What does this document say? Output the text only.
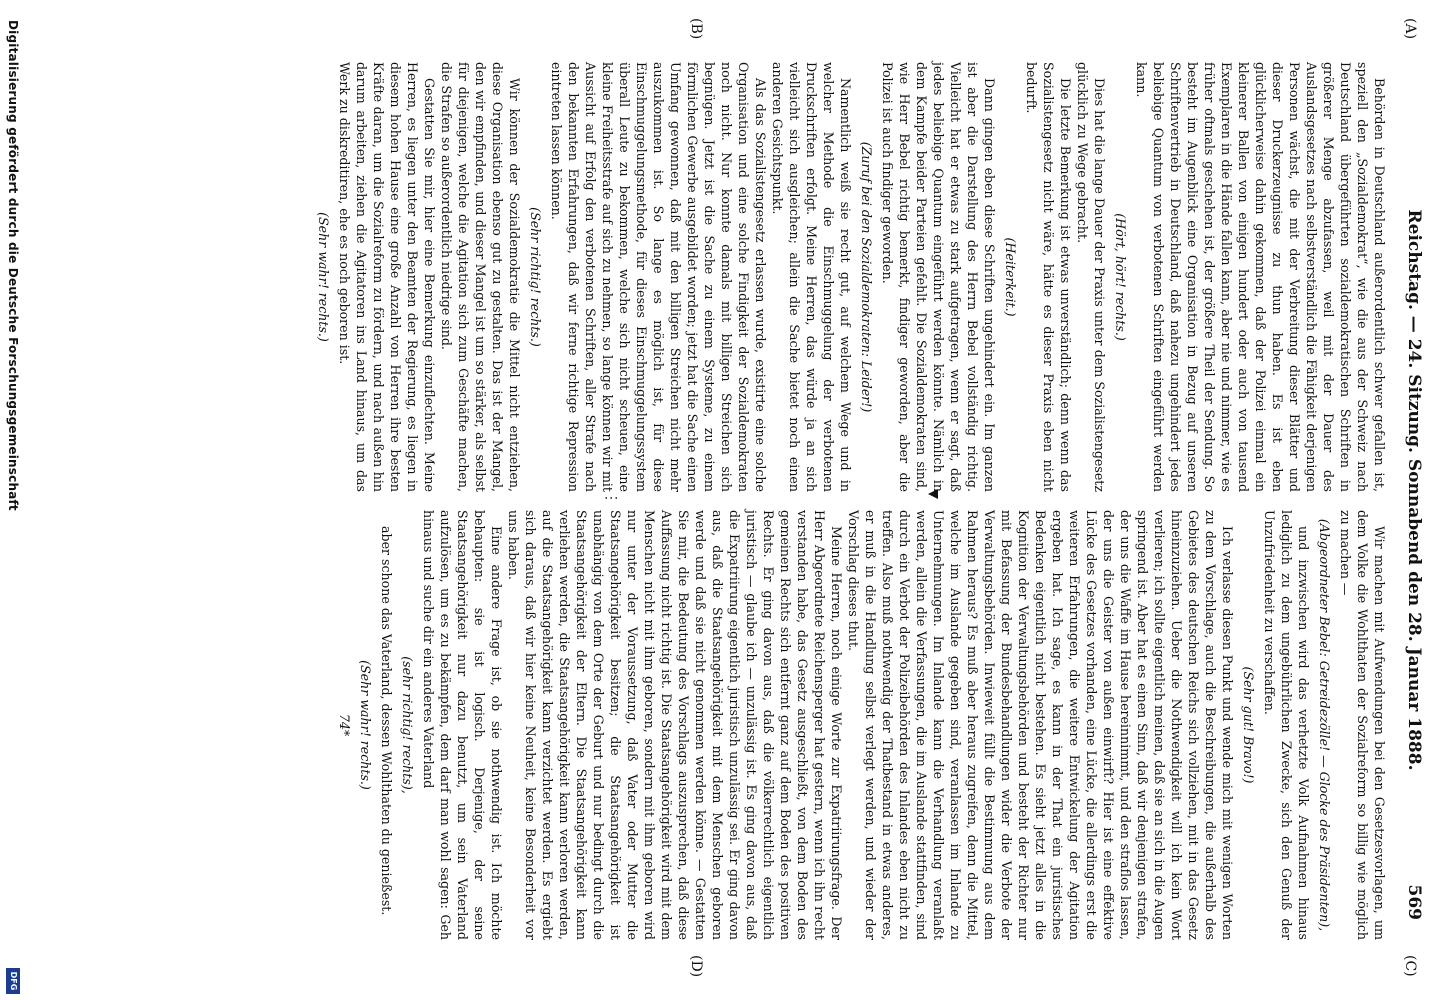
Reichstag. — 24. Sitzung. Sonnabend den 28. Januar 1888.
569
(A)
(B)
(C)
(D)

Behörden in Deutschland außerordentlich schwer gefallen ist, speziell den „Sozialdemokrat“, wie die aus der Schweiz nach Deutschland übergeführten sozialdemokratischen Schriften in größerer Menge abzufassen, weil mit der Dauer des Auslandsgesetzes nach selbstverständlich die Fähigkeit derjenigen Personen wächst, die mit der Verbreitung dieser Blätter und dieser Druckerzeugnisse zu thun haben. Es ist eben glücklicherweise dahin gekommen, daß der Polizei einmal ein kleinerer Ballen von einigen hundert oder auch von tausend Exemplaren in die Hände fallen kann, aber nie und nimmer, wie es früher oftmals geschehen ist, der größere Theil der Sendung. So besteht im Augenblick eine Organisation in Bezug auf unseren Schriftenvertrieb in Deutschland, daß nahezu ungehindert jedes beliebige Quantum von verbotenen Schriften eingeführt werden kann.

(Hört, hört! rechts.)

Dies hat die lange Dauer der Praxis unter dem Sozialistengesetz glücklich zu Wege gebracht.

Die letzte Bemerkung ist etwas unverständlich; denn wenn das Sozialistengesetz nicht wäre, hätte es dieser Praxis eben nicht bedurft.

(Heiterkeit.)

Dann gingen eben diese Schriften ungehindert ein. Im ganzen ist aber die Darstellung des Herrn Bebel vollständig richtig. Vielleicht hat er etwas zu stark aufgetragen, wenn er sagt, daß jedes beliebige Quantum eingeführt werden könnte. Nämlich in dem Kampfe beider Parteien gefehlt. Die Sozialdemokraten sind, wie Herr Bebel richtig bemerkt, findiger geworden, aber die Polizei ist auch findiger geworden.

(Zuruf bei den Sozialdemokraten: Leider!)

Namentlich weiß sie recht gut, auf welchem Wege und in welcher Methode die Einschmuggelung der verbotenen Druckschriften erfolgt. Meine Herren, das würde ja an sich vielleicht sich ausgleichen; allein die Sache bietet noch einen anderen Gesichtspunkt.

Als das Sozialistengesetz erlassen wurde, existirte eine solche Organisation und eine solche Findigkeit der Sozialdemokraten noch nicht. Nur konnte damals mit billigen Streichen sich begnügen. Jetzt ist die Sache zu einem Systeme, zu einem förmlichen Gewerbe ausgebildet worden; jetzt hat die Sache einen Umfang gewonnen, daß mit den billigen Streichen nicht mehr auszukommen ist. So lange es möglich ist, für diese Einschmuggelungsmethode, für dieses Einschmuggelungssystem überall Leute zu bekommen, welche sich nicht scheuen, eine kleine Freiheitsstrafe auf sich zu nehmen, so lange können wir mit Aussicht auf Erfolg den verbotenen Schriften, aller Strafe nach den bekannten Erfahrungen, daß wir ferne richtige Repression eintreten lassen können.

(Sehr richtig! rechts.)

Wir können der Sozialdemokratie die Mittel nicht entziehen, diese Organisation ebenso gut zu gestalten. Das ist der Mangel, den wir empfinden, und dieser Mangel ist um so stärker, als selbst für diejenigen, welche die Agitation sich zum Geschäfte machen, die Strafen so außerordentlich niedrige sind.

Gestatten Sie mir, hier eine Bemerkung einzuflechten. Meine Herren, es liegen unter den Beamten der Regierung, es liegen in diesem hohen Hause eine große Anzahl von Herren ihre besten Kräfte daran, um die Sozialreform zu fördern, und nach außen hin darum arbeiten, ziehen die Agitatoren ins Land hinaus, um das Werk zu diskreditiren, ehe es noch geboren ist.

(Sehr wahr! rechts.)

⋮

Wir machen mit Aufwendungen bei den Gesetzesvorlagen, um dem Volke die Wohlthaten der Sozialreform so billig wie möglich zu machen —

(Abgeordneter Bebel: Getreidezölle! — Glocke des Präsidenten),

und inzwischen wird das verhetzte Volk Aufnahmen hinaus lediglich zu dem ungebührlichen Zwecke, sich den Genuß der Unzufriedenheit zu verschaffen.

(Sehr gut! Bravo!)

Ich verlasse diesen Punkt und wende mich mit wenigen Worten zu dem Vorschlage, auch die Beschreibungen, die außerhalb des Gebietes des deutschen Reichs sich vollziehen, mit in das Gesetz hineinzuziehen. Ueber die Nothwendigkeit will ich kein Wort verlieren; ich sollte eigentlich meinen, daß sie an sich in die Augen springend ist. Aber hat es einen Sinn, daß wir denjenigen strafen, der uns die Waffe im Hause hereinnimmt, und den straflos lassen, der uns die Geister von außen einwirft? Hier ist eine effektive Lücke des Gesetzes vorhanden, eine Lücke, die allerdings erst die weiteren Erfahrungen, die weitere Entwickelung der Agitation ergeben hat. Ich sage, es kann in der That ein juristisches Bedenken eigentlich nicht bestehen. Es sieht jetzt alles in die Kognition der Verwaltungsbehörden und besteht der Richter nur mit Befassung der Bundesbehandlungen wider die Verbote der Verwaltungsbehörden. Inwieweit füllt die Bestimmung aus dem Rahmen heraus? Es muß aber heraus zugreifen, denn die Mittel, welche im Auslande gegeben sind, veranlassen im Inlande zu Unternehmungen. Im Inlande kann die Verhandlung veranlaßt werden, allein die Verfassungen, die im Auslande stattfinden, sind durch ein Verbot der Polizeibehörden des Inlandes eben nicht zu treffen. Also muß nothwendig der Thatbestand in etwas anderes, er muß in die Handlung selbst verlegt werden, und wieder der Vorschlag dieses thut.

Meine Herren, noch einige Worte zur Expatriirungsfrage. Der Herr Abgeordnete Reichensperger hat gestern, wenn ich ihn recht verstanden habe, das Gesetz ausgeschließt, von dem Boden des gemeinen Rechts sich entfernt ganz auf dem Boden des positiven Rechts. Er ging davon aus, daß die völkerrechtlich eigentlich juristisch — glaube ich — unzulässig ist. Es ging davon aus, daß die Expatriirung eigentlich juristisch unzulässig sei. Er ging davon aus, daß die Staatsangehörigkeit mit dem Menschen geboren werde und daß sie nicht genommen werden könne. — Gestatten Sie mir, die Bedeutung des Vorschlags auszusprechen, daß diese Auffassung nicht richtig ist. Die Staatsangehörigkeit wird mit dem Menschen nicht mit ihm geboren, sondern mit ihm geboren wird nur unter der Voraussetzung, daß Vater oder Mutter die Staatsangehörigkeit besitzen; die Staatsangehörigkeit ist unabhängig von dem Orte der Geburt und nur bedingt durch die Staatsangehörigkeit der Eltern. Die Staatsangehörigkeit kann verliehen werden, die Staatsangehörigkeit kann verloren werden, auf die Staatsangehörigkeit kann verzichtet werden. Es ergiebt sich daraus, daß wir hier keine Neuheit, keine Besonderheit vor uns haben.

Eine andere Frage ist, ob sie nothwendig ist. Ich möchte behaupten: sie ist logisch. Derjenige, der seine Staatsangehörigkeit nur dazu benutzt, um sein Vaterland aufzulösen, um es zu bekämpfen, dem darf man wohl sagen: Geh hinaus und suche dir ein anderes Vaterland

(sehr richtig! rechts),

aber schone das Vaterland, dessen Wohlthaten du genießest.

(Sehr wahr! rechts.)

74*

Digitalisierung gefördert durch die Deutsche Forschungsgemeinschaft
DFG
